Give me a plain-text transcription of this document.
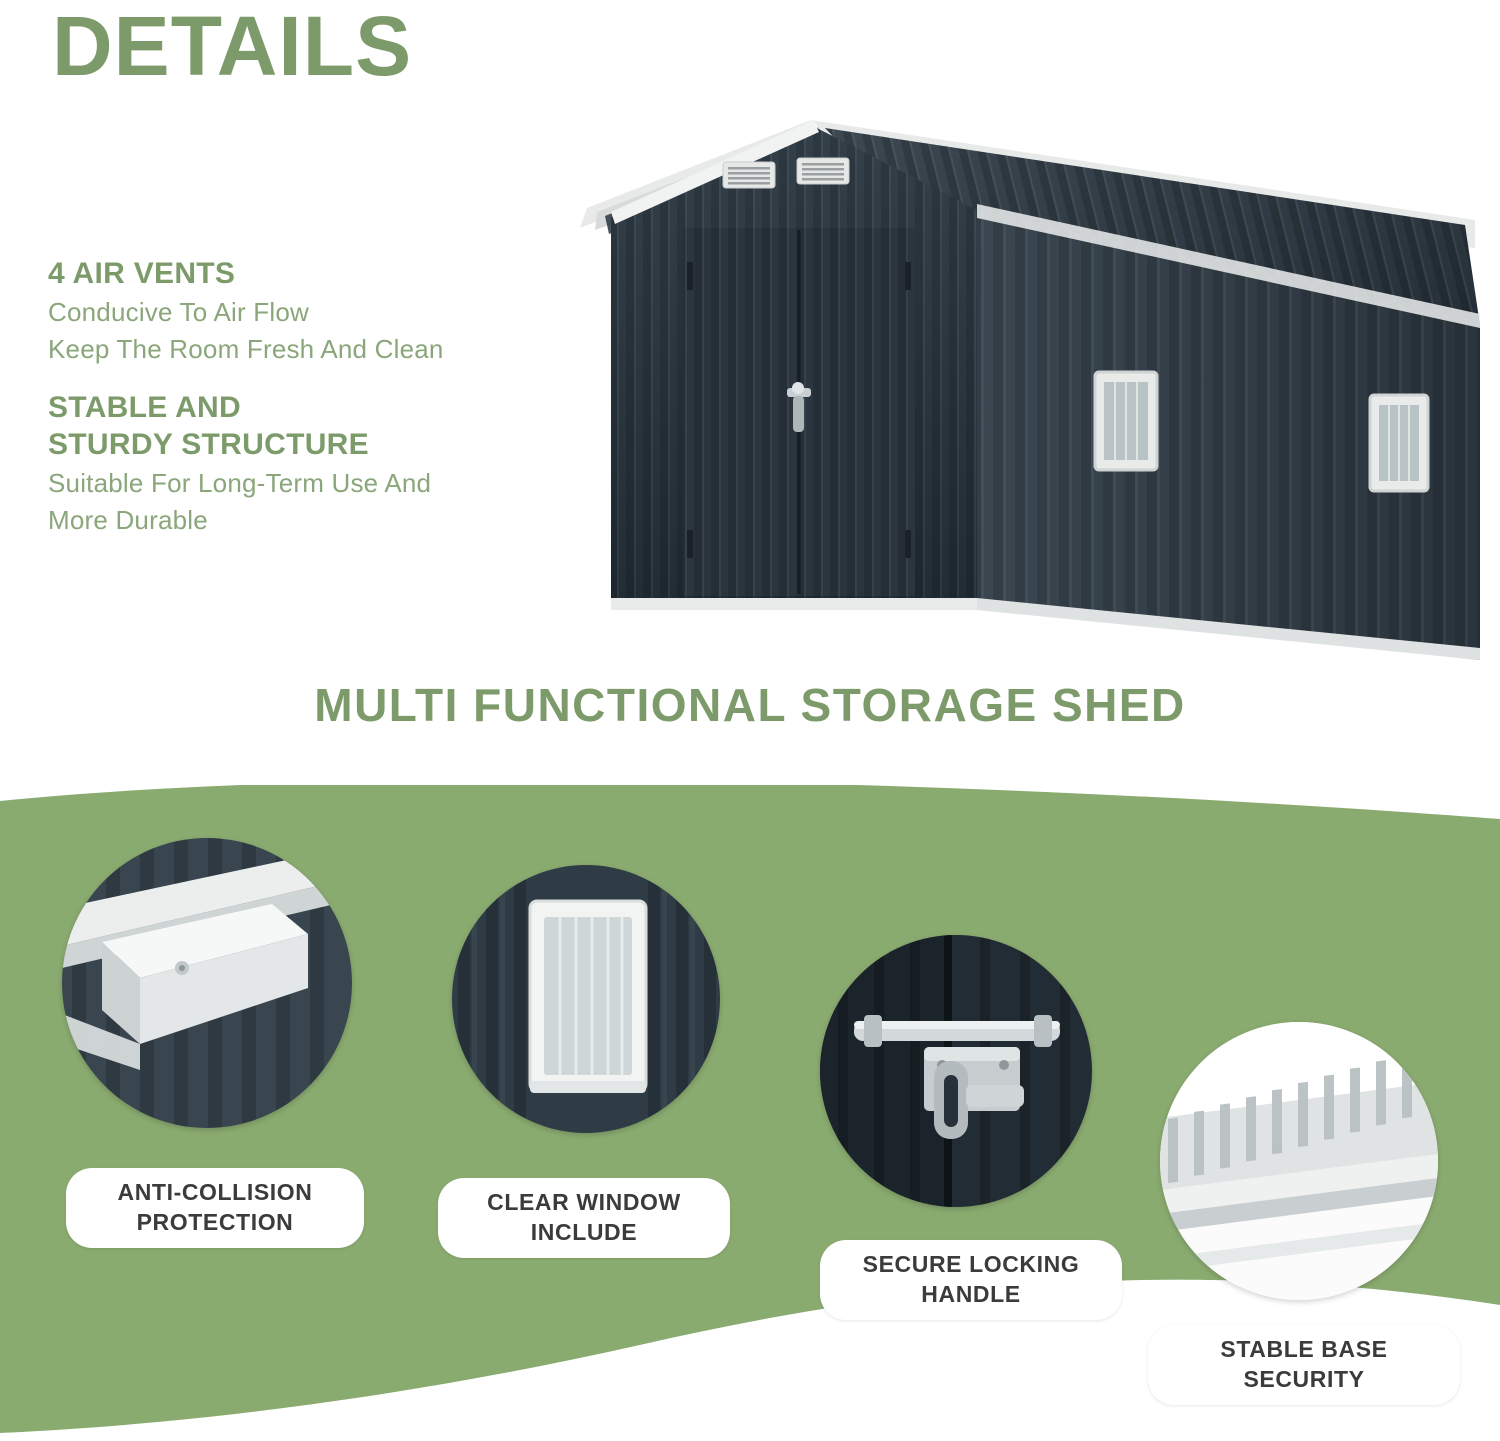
DETAILS
4 AIR VENTS
Conducive To Air Flow
Keep The Room Fresh And Clean
STABLE AND
STURDY STRUCTURE
Suitable For Long-Term Use And
More Durable
MULTI FUNCTIONAL STORAGE SHED
ANTI-COLLISION
PROTECTION
CLEAR WINDOW
INCLUDE
SECURE LOCKING
HANDLE
STABLE BASE
SECURITY
